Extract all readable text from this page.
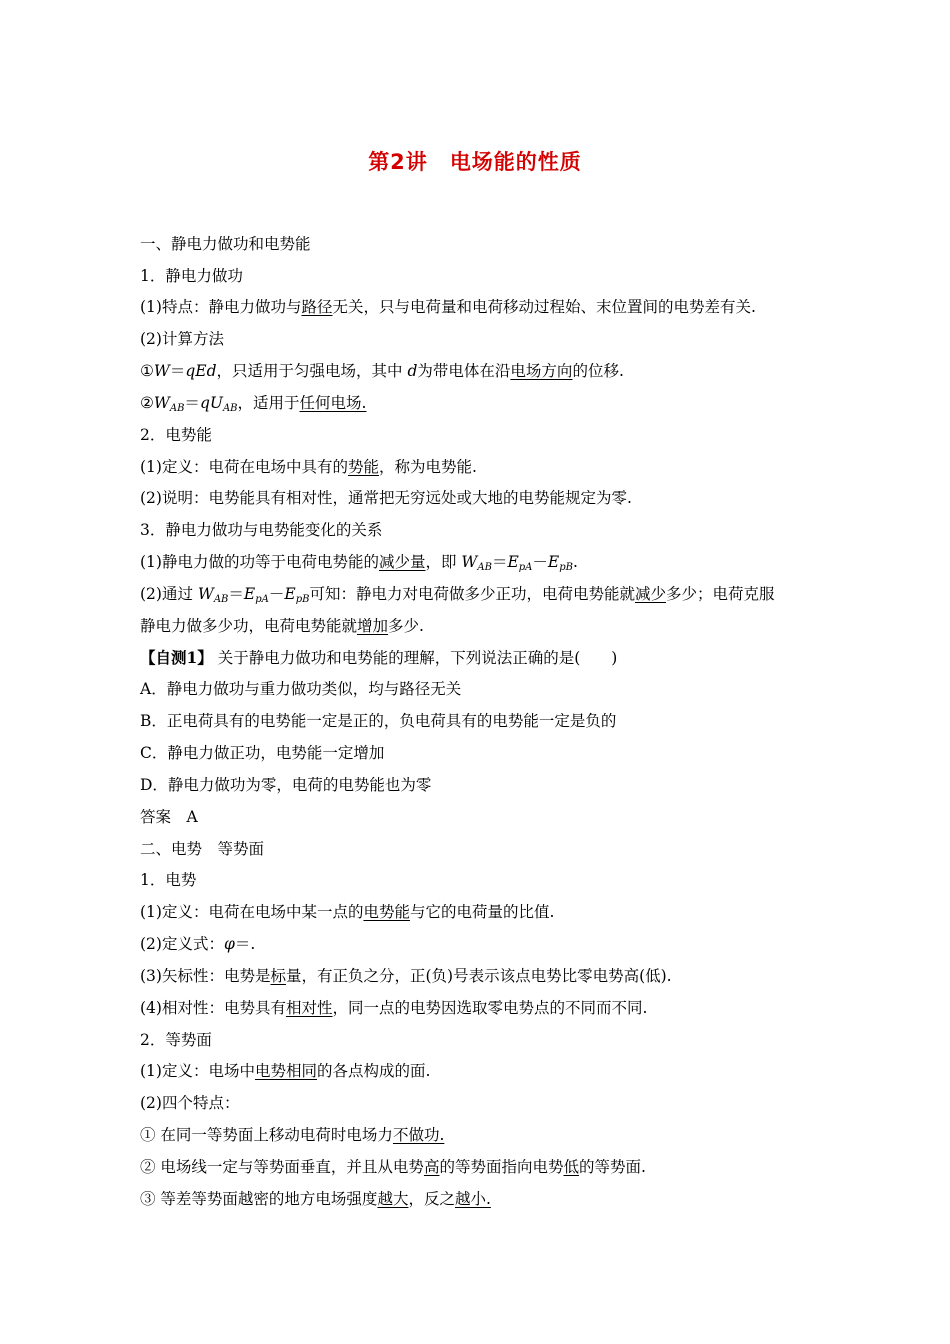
第2讲 电场能的性质
一、静电力做功和电势能
1．静电力做功
(1)特点：静电力做功与路径无关，只与电荷量和电荷移动过程始、末位置间的电势差有关.
(2)计算方法
①W＝qEd，只适用于匀强电场，其中 d为带电体在沿电场方向的位移.
$②W_{AB}=qU_{AB}$，适用于任何电场.
2．电势能
(1)定义：电荷在电场中具有的势能，称为电势能.
(2)说明：电势能具有相对性，通常把无穷远处或大地的电势能规定为零.
3．静电力做功与电势能变化的关系
(1)静电力做的功等于电荷电势能的减少量，即 $W_{AB}=E_{pA}-E_{pB}$.
(2)通过 $W_{AB}=E_{pA}-E_{pB}$可知：静电力对电荷做多少正功，电荷电势能就减少多少；电荷克服
静电力做多少功，电荷电势能就增加多少.
【自测1】 关于静电力做功和电势能的理解，下列说法正确的是(　　)
A．静电力做功与重力做功类似，均与路径无关
B．正电荷具有的电势能一定是正的，负电荷具有的电势能一定是负的
C．静电力做正功，电势能一定增加
D．静电力做功为零，电荷的电势能也为零
答案　A
二、电势　等势面
1．电势
(1)定义：电荷在电场中某一点的电势能与它的电荷量的比值.
(2)定义式：φ＝.
(3)矢标性：电势是标量，有正负之分，正(负)号表示该点电势比零电势高(低).
(4)相对性：电势具有相对性，同一点的电势因选取零电势点的不同而不同.
2．等势面
(1)定义：电场中电势相同的各点构成的面.
(2)四个特点：
① 在同一等势面上移动电荷时电场力不做功.
② 电场线一定与等势面垂直，并且从电势高的等势面指向电势低的等势面.
③ 等差等势面越密的地方电场强度越大，反之越小.
